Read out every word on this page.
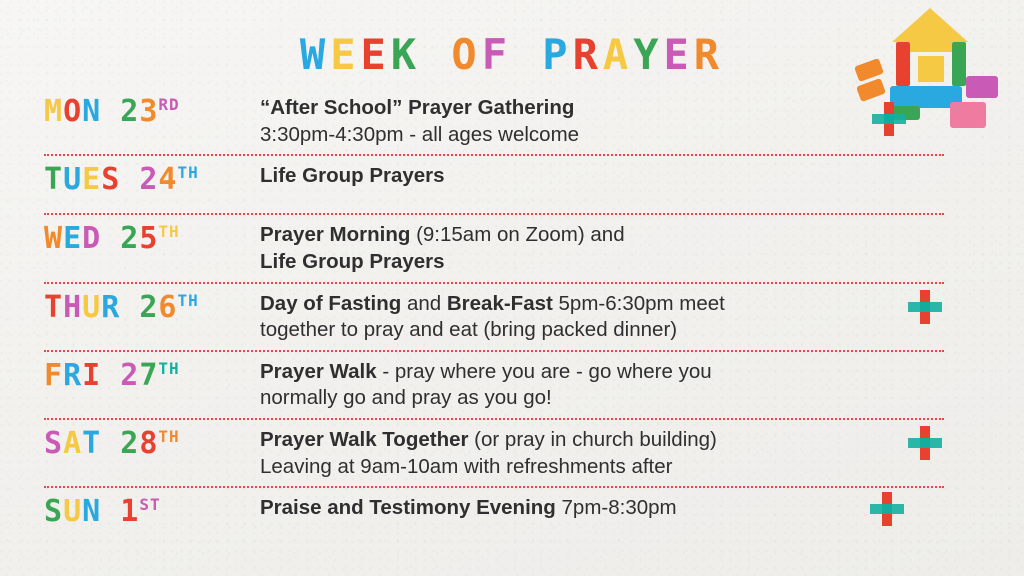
WEEK OF PRAYER
MON 23RD	“After School” Prayer Gathering
3:30pm-4:30pm - all ages welcome
TUES 24TH	Life Group Prayers
WED 25TH	Prayer Morning (9:15am on Zoom) and
Life Group Prayers
THUR 26TH	Day of Fasting and Break-Fast 5pm-6:30pm meet
together to pray and eat (bring packed dinner)
FRI 27TH	Prayer Walk - pray where you are - go where you
normally go and pray as you go!
SAT 28TH	Prayer Walk Together (or pray in church building)
Leaving at 9am-10am with refreshments after
SUN 1ST	Praise and Testimony Evening 7pm-8:30pm
